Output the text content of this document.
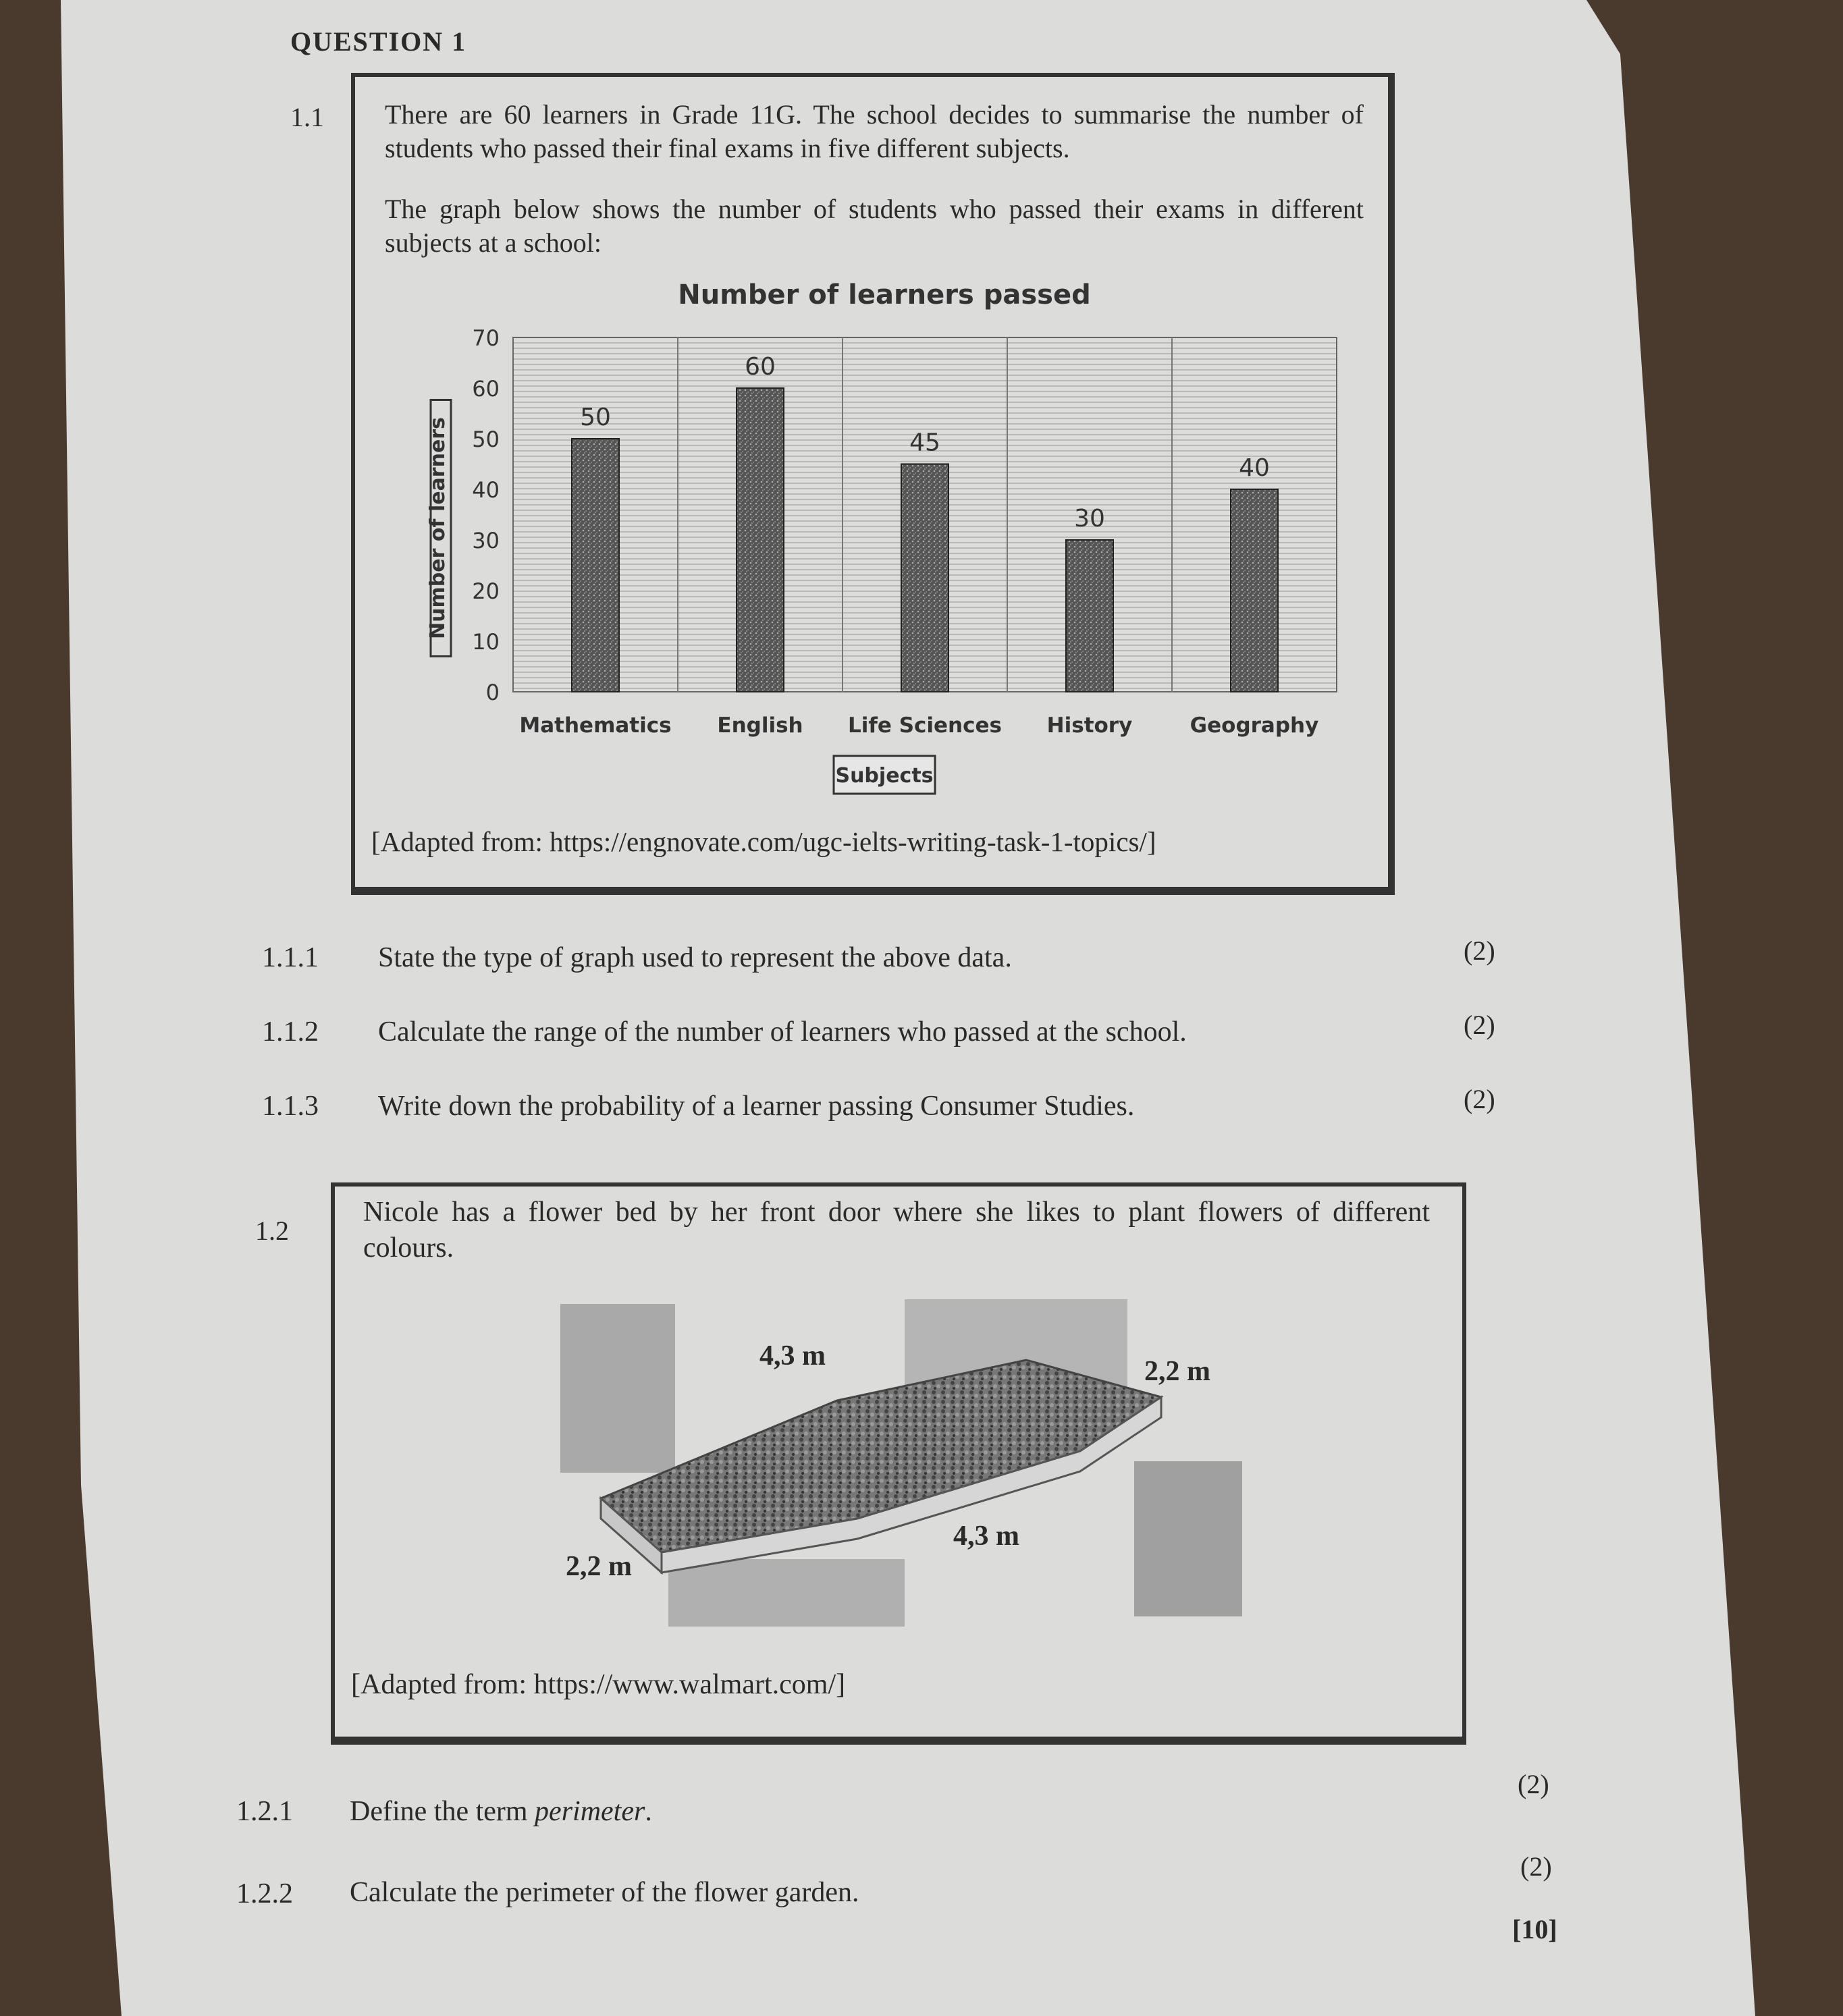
QUESTION 1
1.1 There are 60 learners in Grade 11G. The school decides to summarise the number of students who passed their final exams in five different subjects.
The graph below shows the number of students who passed their exams in different subjects at a school:
Number of learners passed
0
10
20
30
40
50
60
70
Number of learners	50
Mathematics
60
English
45
Life Sciences
30
History
40
Geography
Subjects
[Adapted from: https://engnovate.com/ugc-ielts-writing-task-1-topics/]
1.1.1 State the type of graph used to represent the above data.	(2)
1.1.2 Calculate the range of the number of learners who passed at the school.	(2)
1.1.3 Write down the probability of a learner passing Consumer Studies.	(2)
1.2
Nicole has a flower bed by her front door where she likes to plant flowers of different colours.
4,3 m	2,2 m
2,2 m
4,3 m
[Adapted from: https://www.walmart.com/]
1.2.1 Define the term perimeter.
(2)
1.2.2 Calculate the perimeter of the flower garden.
(2)
[10]
